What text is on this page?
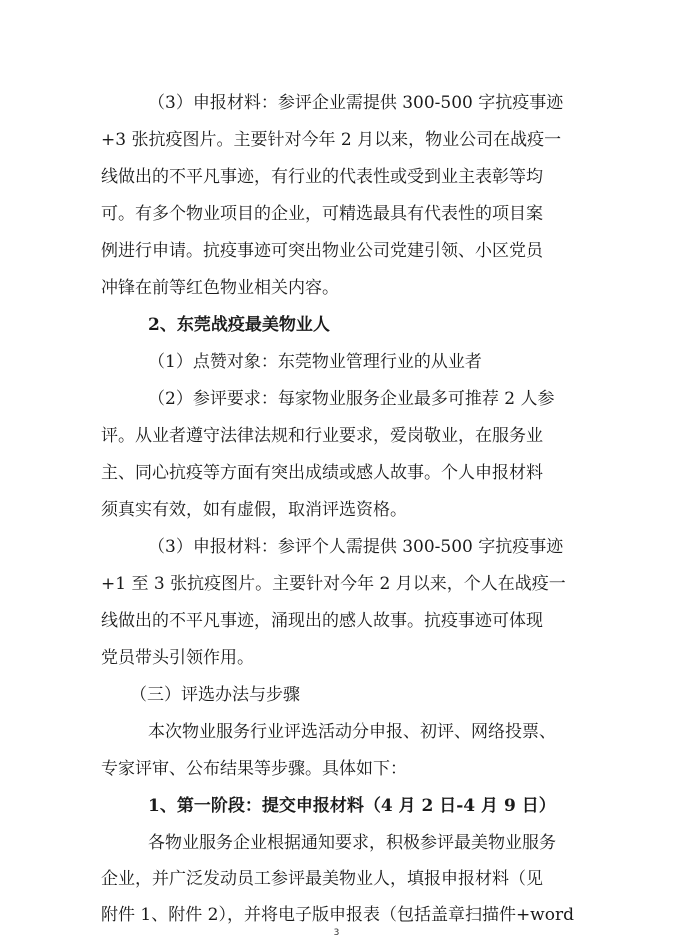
（3）申报材料：参评企业需提供 300-500 字抗疫事迹
+3 张抗疫图片。主要针对今年 2 月以来，物业公司在战疫一
线做出的不平凡事迹，有行业的代表性或受到业主表彰等均
可。有多个物业项目的企业，可精选最具有代表性的项目案
例进行申请。抗疫事迹可突出物业公司党建引领、小区党员
冲锋在前等红色物业相关内容。
2、东莞战疫最美物业人
（1）点赞对象：东莞物业管理行业的从业者
（2）参评要求：每家物业服务企业最多可推荐 2 人参
评。从业者遵守法律法规和行业要求，爱岗敬业，在服务业
主、同心抗疫等方面有突出成绩或感人故事。个人申报材料
须真实有效，如有虚假，取消评选资格。
（3）申报材料：参评个人需提供 300-500 字抗疫事迹
+1 至 3 张抗疫图片。主要针对今年 2 月以来，个人在战疫一
线做出的不平凡事迹，涌现出的感人故事。抗疫事迹可体现
党员带头引领作用。
（三）评选办法与步骤
本次物业服务行业评选活动分申报、初评、网络投票、
专家评审、公布结果等步骤。具体如下：
1、第一阶段：提交申报材料（4 月 2 日-4 月 9 日）
各物业服务企业根据通知要求，积极参评最美物业服务
企业，并广泛发动员工参评最美物业人，填报申报材料（见
附件 1、附件 2），并将电子版申报表（包括盖章扫描件+word
3
